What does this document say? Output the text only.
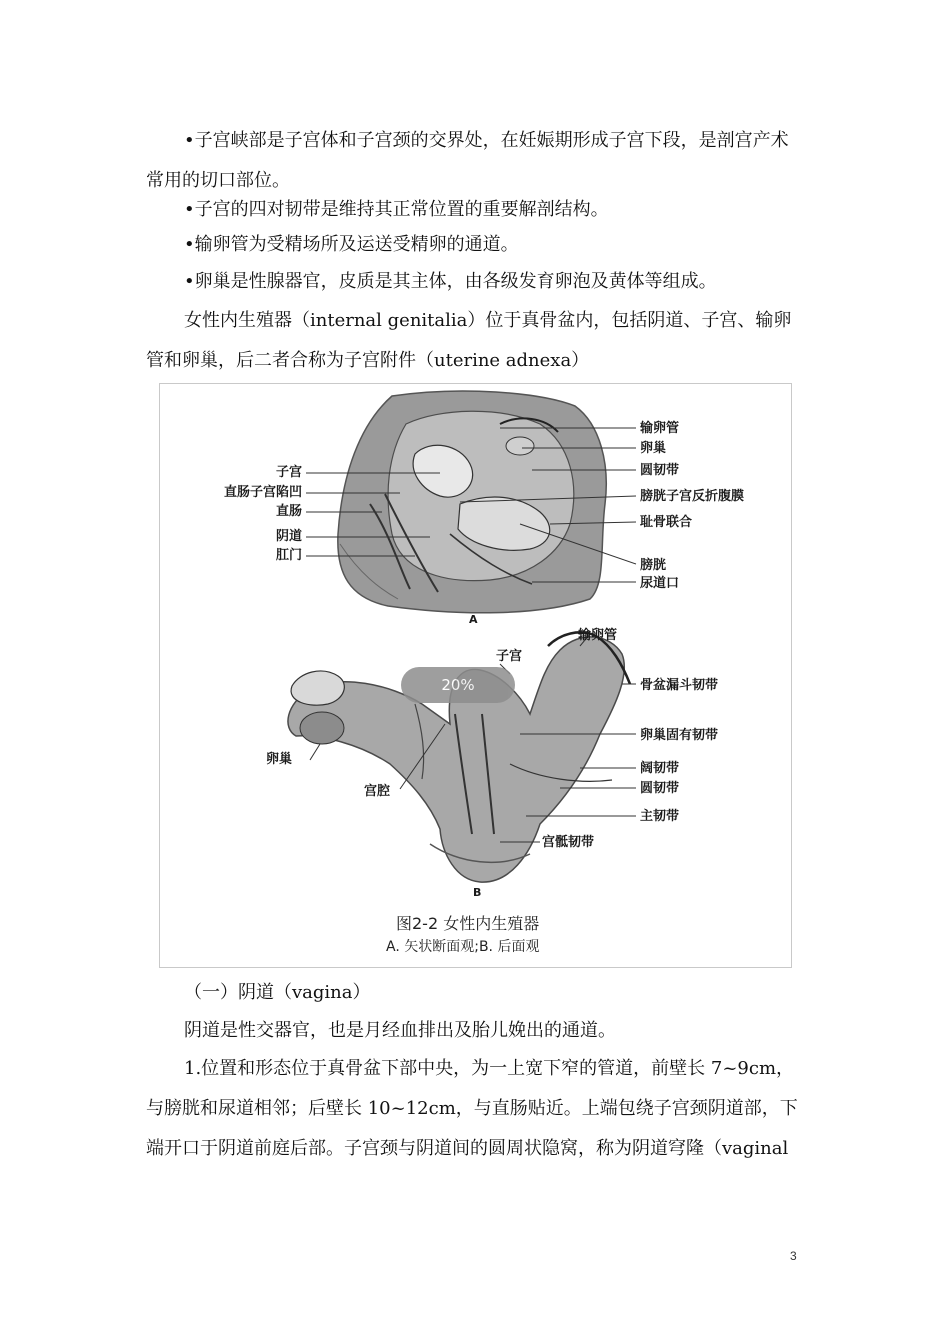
•子宫峡部是子宫体和子宫颈的交界处，在妊娠期形成子宫下段，是剖宫产术常用的切口部位。

•子宫的四对韧带是维持其正常位置的重要解剖结构。

•输卵管为受精场所及运送受精卵的通道。

•卵巢是性腺器官，皮质是其主体，由各级发育卵泡及黄体等组成。

女性内生殖器（internal genitalia）位于真骨盆内，包括阴道、子宫、输卵管和卵巢，后二者合称为子宫附件（uterine adnexa）

输卵管
卵巢
圆韧带
膀胱子宫反折腹膜
耻骨联合
膀胱
尿道口
子宫
直肠子宫陷凹
直肠
阴道
肛门
A
输卵管
子宫
骨盆漏斗韧带
卵巢固有韧带
阔韧带
圆韧带
主韧带
宫骶韧带
卵巢
宫腔
B
20%
图2-2 女性内生殖器
A. 矢状断面观;B. 后面观

（一）阴道（vagina）

阴道是性交器官，也是月经血排出及胎儿娩出的通道。

1.位置和形态位于真骨盆下部中央，为一上宽下窄的管道，前壁长 7~9cm，与膀胱和尿道相邻；后壁长 10~12cm，与直肠贴近。上端包绕子宫颈阴道部，下端开口于阴道前庭后部。子宫颈与阴道间的圆周状隐窝，称为阴道穹隆（vaginal

3
